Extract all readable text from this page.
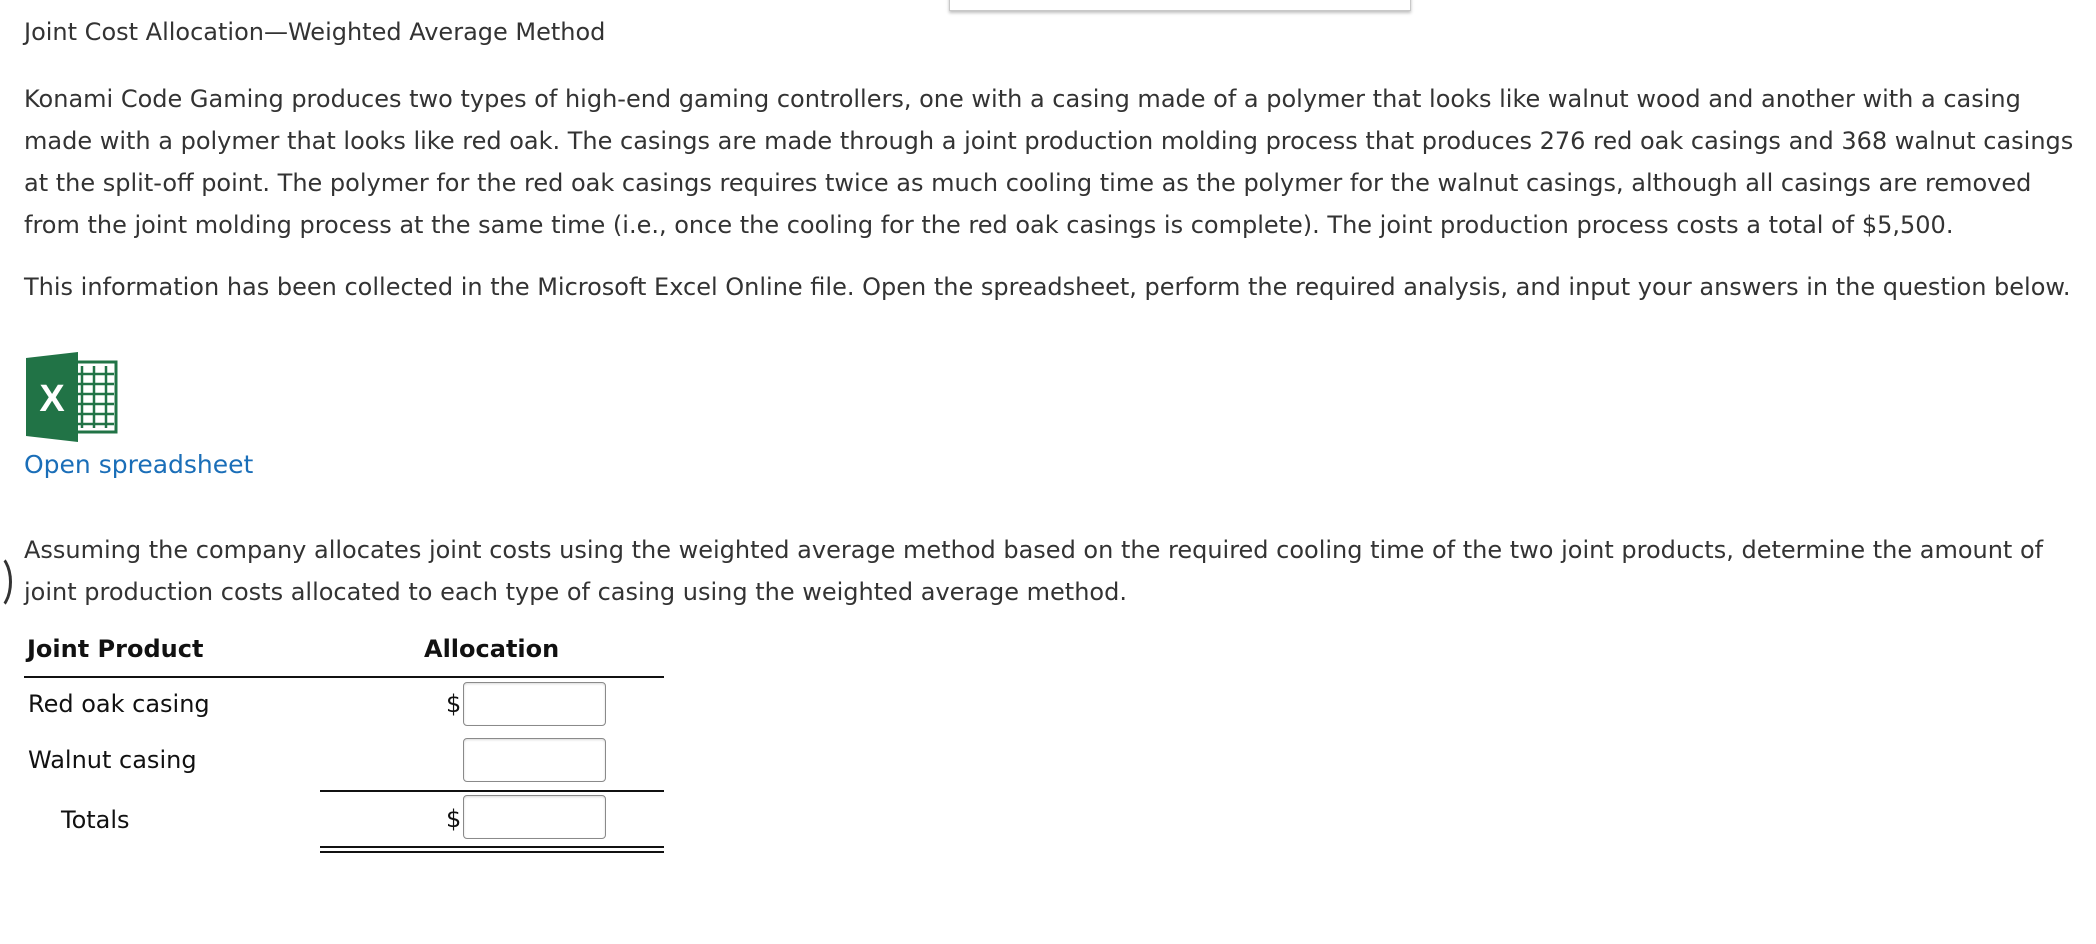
Joint Cost Allocation—Weighted Average Method

Konami Code Gaming produces two types of high-end gaming controllers, one with a casing made of a polymer that looks like walnut wood and another with a casing made with a polymer that looks like red oak. The casings are made through a joint production molding process that produces 276 red oak casings and 368 walnut casings at the split-off point. The polymer for the red oak casings requires twice as much cooling time as the polymer for the walnut casings, although all casings are removed from the joint molding process at the same time (i.e., once the cooling for the red oak casings is complete). The joint production process costs a total of $5,500.

This information has been collected in the Microsoft Excel Online file. Open the spreadsheet, perform the required analysis, and input your answers in the question below.

X
Open spreadsheet

Assuming the company allocates joint costs using the weighted average method based on the required cooling time of the two joint products, determine the amount of joint production costs allocated to each type of casing using the weighted average method.

Joint Product	Allocation
Red oak casing	$
Walnut casing
Totals	$
